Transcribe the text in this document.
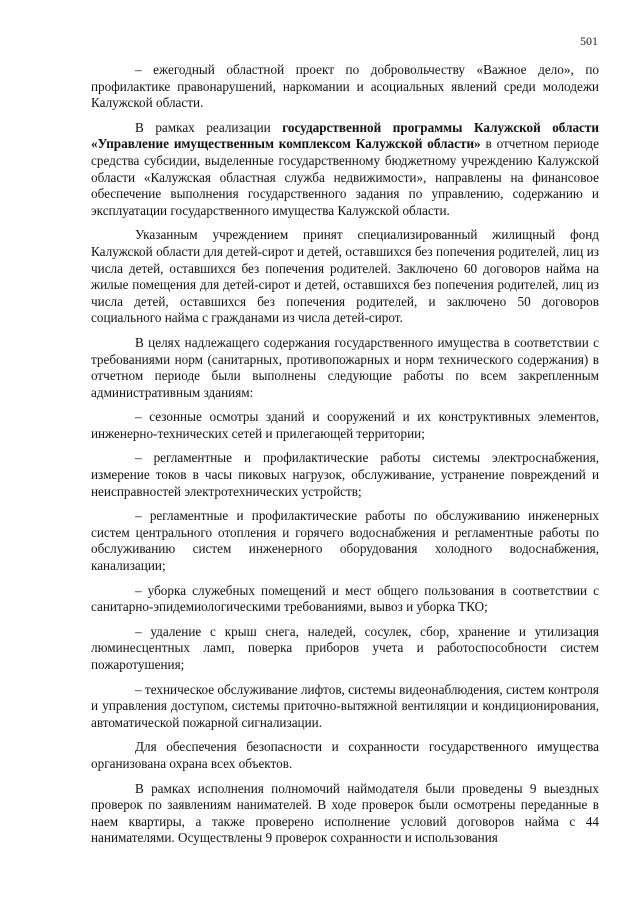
501

– ежегодный областной проект по добровольчеству «Важное дело», по профилактике правонарушений, наркомании и асоциальных явлений среди молодежи Калужской области.

В рамках реализации государственной программы Калужской области «Управление имущественным комплексом Калужской области» в отчетном периоде средства субсидии, выделенные государственному бюджетному учреждению Калужской области «Калужская областная служба недвижимости», направлены на финансовое обеспечение выполнения государственного задания по управлению, содержанию и эксплуатации государственного имущества Калужской области.

Указанным учреждением принят специализированный жилищный фонд Калужской области для детей-сирот и детей, оставшихся без попечения родителей, лиц из числа детей, оставшихся без попечения родителей. Заключено 60 договоров найма на жилые помещения для детей-сирот и детей, оставшихся без попечения родителей, лиц из числа детей, оставшихся без попечения родителей, и заключено 50 договоров социального найма с гражданами из числа детей-сирот.

В целях надлежащего содержания государственного имущества в соответствии с требованиями норм (санитарных, противопожарных и норм технического содержания) в отчетном периоде были выполнены следующие работы по всем закрепленным административным зданиям:

– сезонные осмотры зданий и сооружений и их конструктивных элементов, инженерно-технических сетей и прилегающей территории;

– регламентные и профилактические работы системы электроснабжения, измерение токов в часы пиковых нагрузок, обслуживание, устранение повреждений и неисправностей электротехнических устройств;

– регламентные и профилактические работы по обслуживанию инженерных систем центрального отопления и горячего водоснабжения и регламентные работы по обслуживанию систем инженерного оборудования холодного водоснабжения, канализации;

– уборка служебных помещений и мест общего пользования в соответствии с санитарно-эпидемиологическими требованиями, вывоз и уборка ТКО;

– удаление с крыш снега, наледей, сосулек, сбор, хранение и утилизация люминесцентных ламп, поверка приборов учета и работоспособности систем пожаротушения;

– техническое обслуживание лифтов, системы видеонаблюдения, систем контроля и управления доступом, системы приточно-вытяжной вентиляции и кондиционирования, автоматической пожарной сигнализации.

Для обеспечения безопасности и сохранности государственного имущества организована охрана всех объектов.

В рамках исполнения полномочий наймодателя были проведены 9 выездных проверок по заявлениям нанимателей. В ходе проверок были осмотрены переданные в наем квартиры, а также проверено исполнение условий договоров найма с 44 нанимателями. Осуществлены 9 проверок сохранности и использования
